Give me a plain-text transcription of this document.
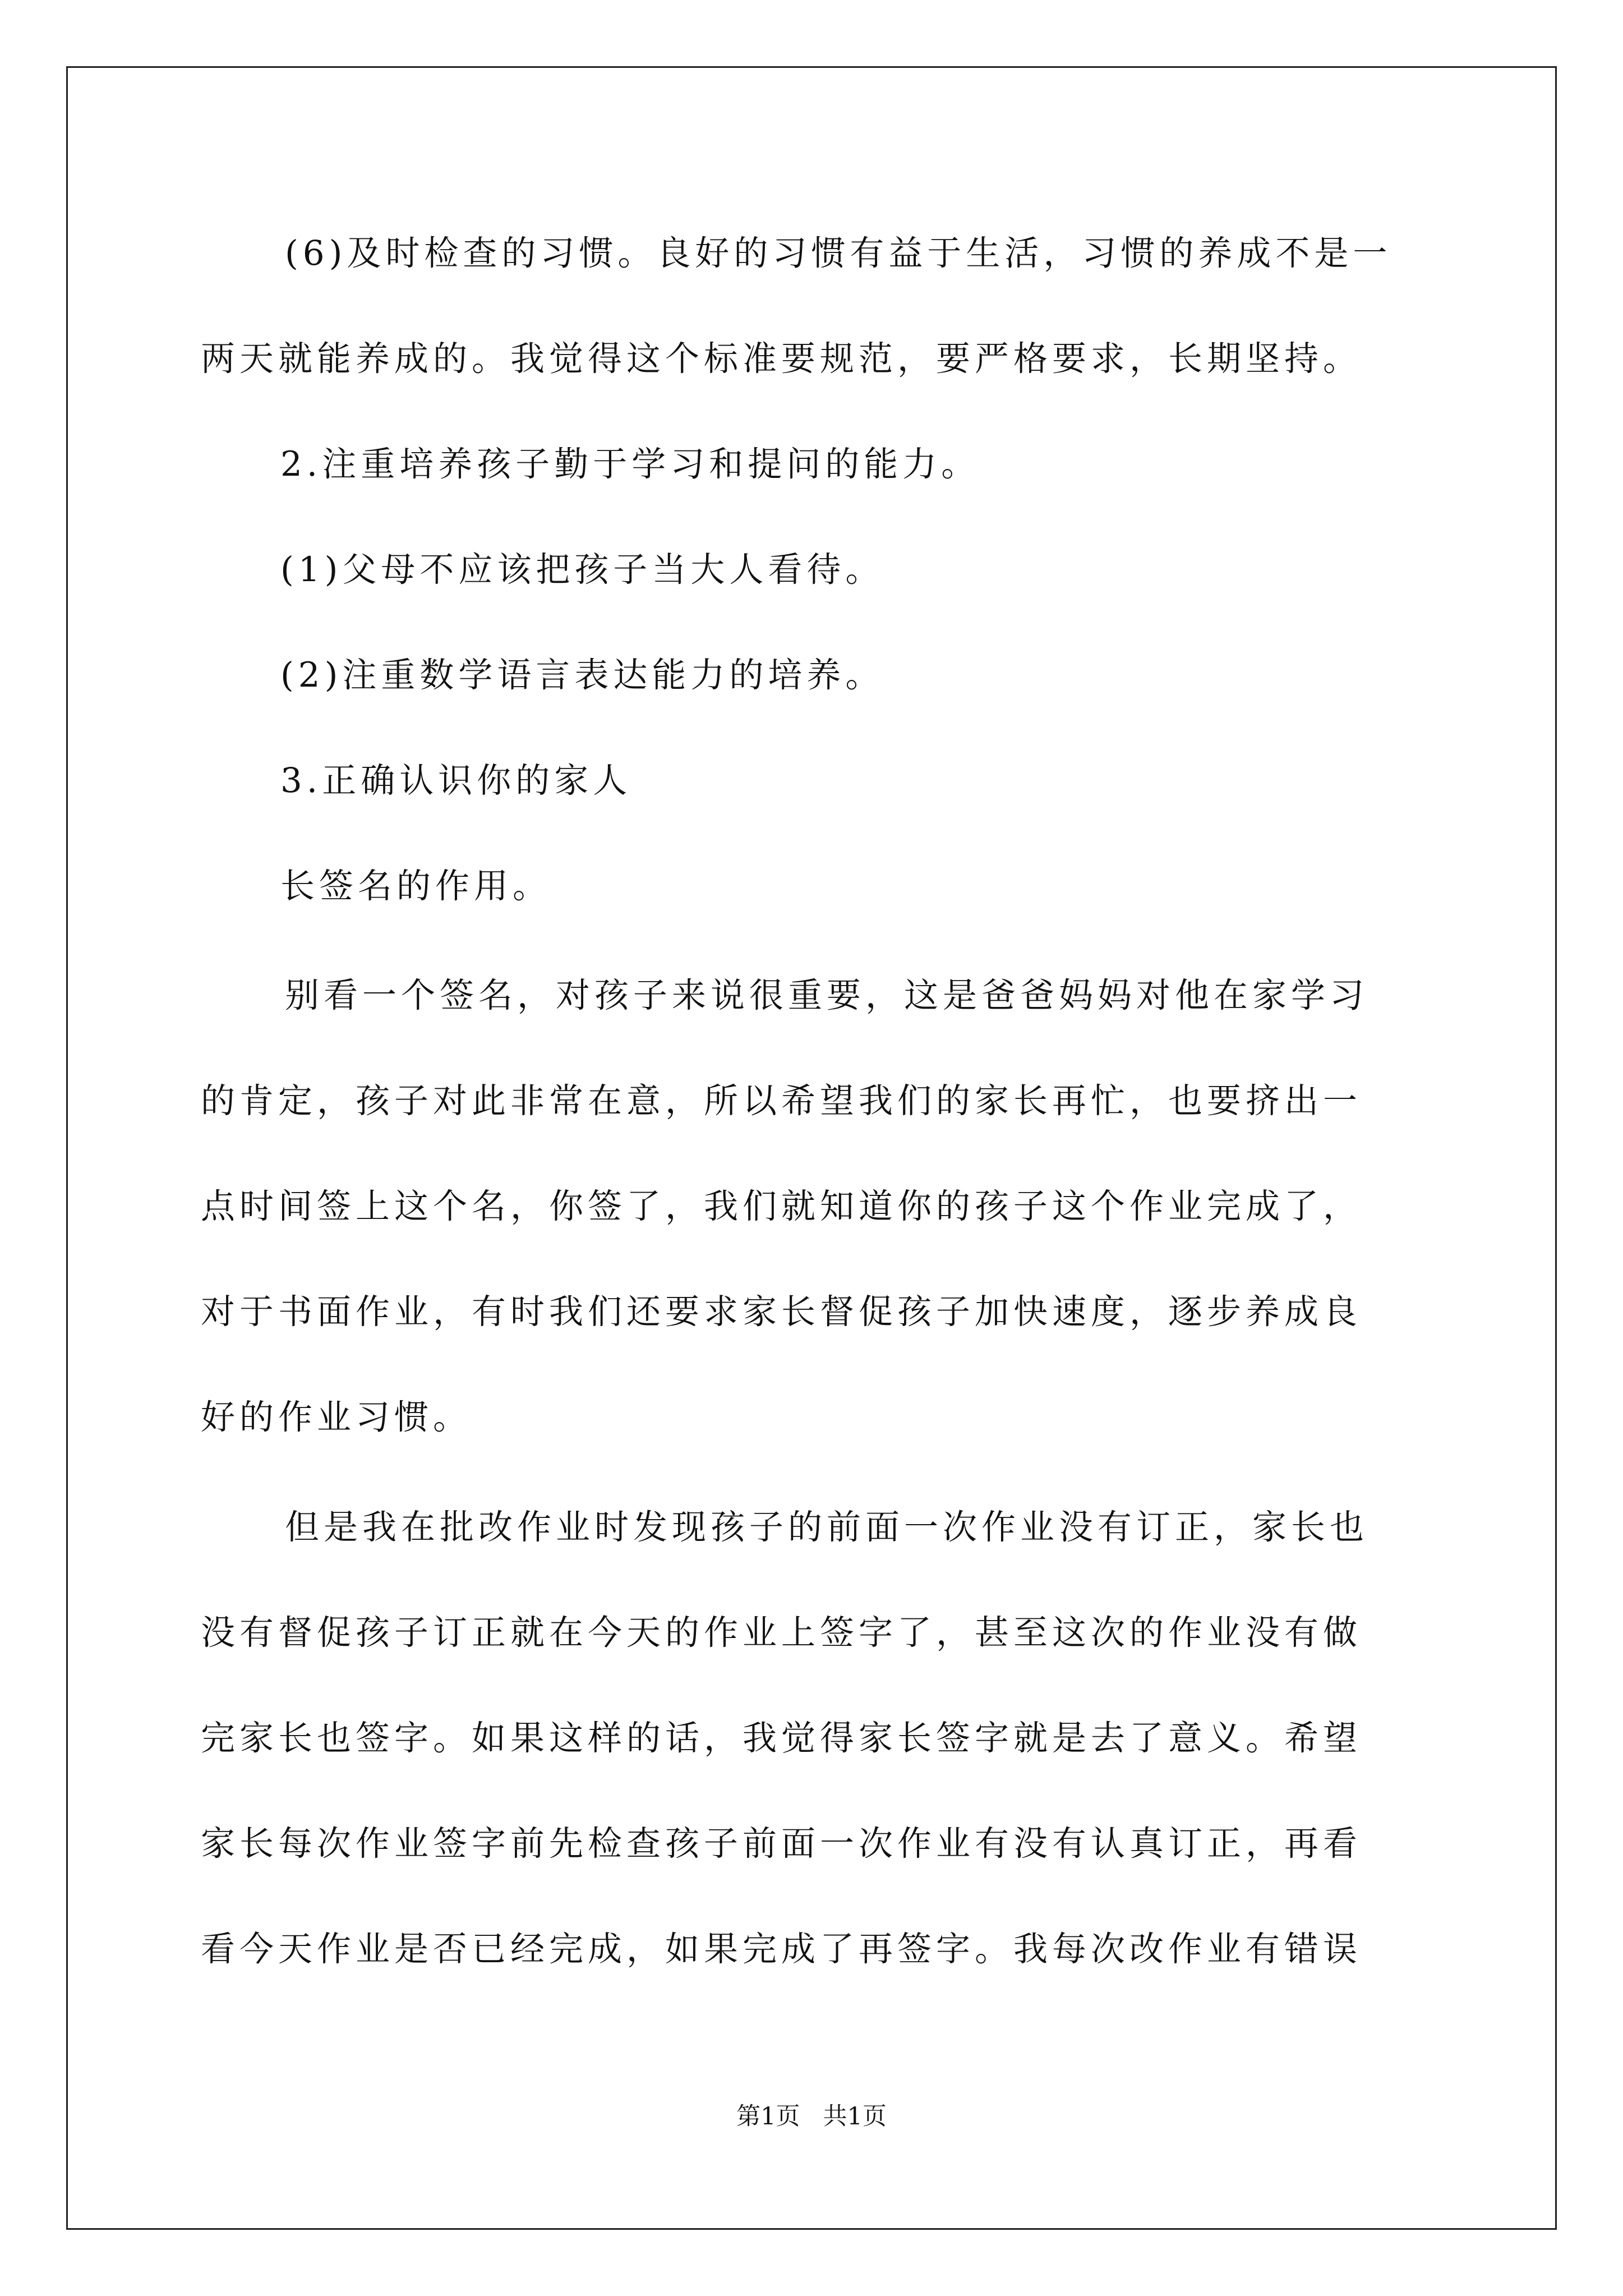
(6)及时检查的习惯。良好的习惯有益于生活，习惯的养成不是一
两天就能养成的。我觉得这个标准要规范，要严格要求，长期坚持。
2.注重培养孩子勤于学习和提问的能力。
(1)父母不应该把孩子当大人看待。
(2)注重数学语言表达能力的培养。
3.正确认识你的家人
长签名的作用。
别看一个签名，对孩子来说很重要，这是爸爸妈妈对他在家学习
的肯定，孩子对此非常在意，所以希望我们的家长再忙，也要挤出一
点时间签上这个名，你签了，我们就知道你的孩子这个作业完成了，
对于书面作业，有时我们还要求家长督促孩子加快速度，逐步养成良
好的作业习惯。
但是我在批改作业时发现孩子的前面一次作业没有订正，家长也
没有督促孩子订正就在今天的作业上签字了，甚至这次的作业没有做
完家长也签字。如果这样的话，我觉得家长签字就是去了意义。希望
家长每次作业签字前先检查孩子前面一次作业有没有认真订正，再看
看今天作业是否已经完成，如果完成了再签字。我每次改作业有错误
第1页   共1页
